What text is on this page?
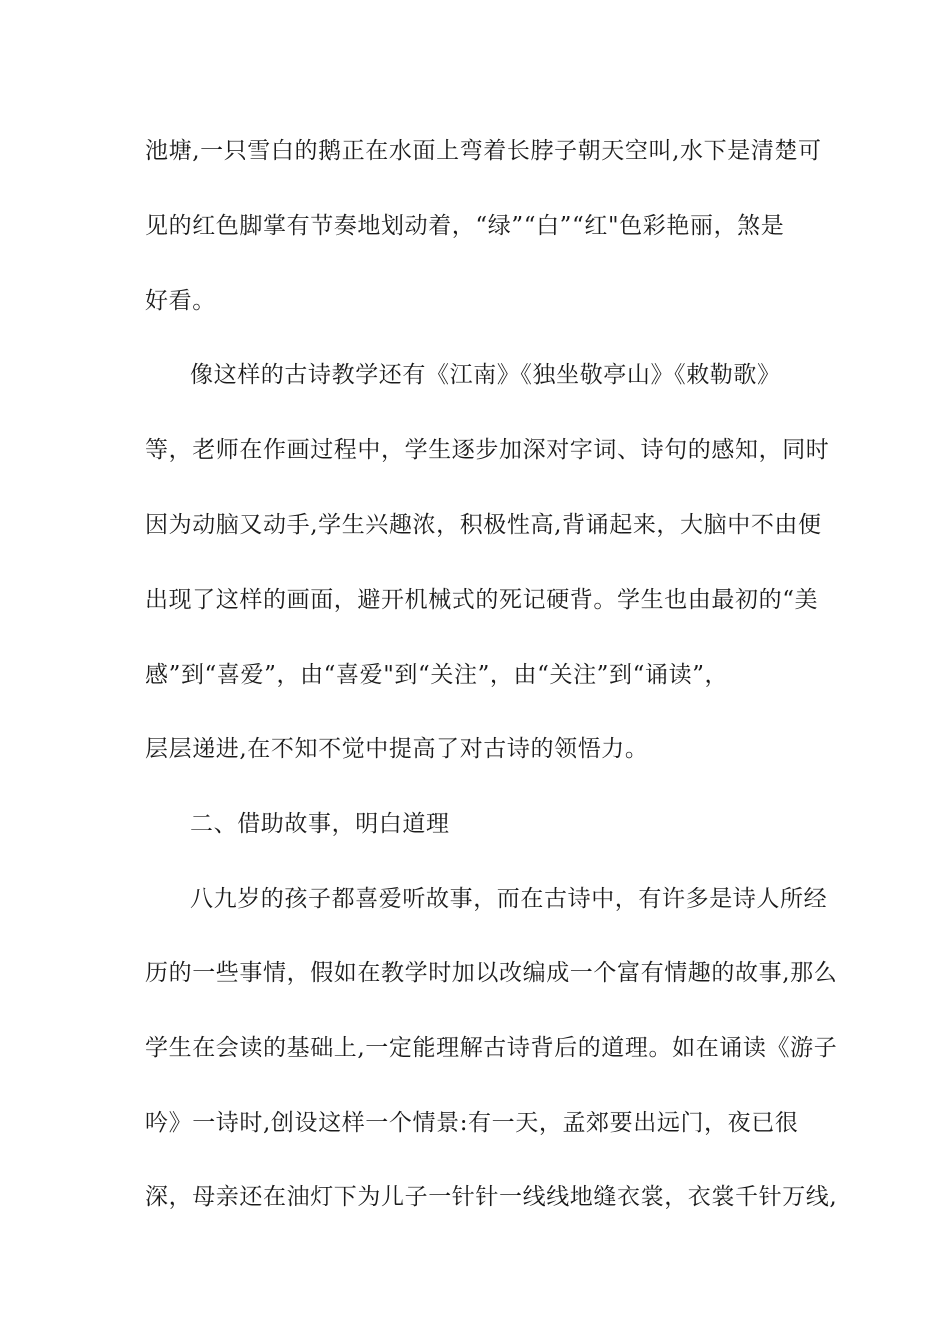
池塘,一只雪白的鹅正在水面上弯着长脖子朝天空叫,水下是清楚可
见的红色脚掌有节奏地划动着，“绿”“白”“红"色彩艳丽，煞是
好看。
像这样的古诗教学还有《江南》《独坐敬亭山》《敕勒歌》
等，老师在作画过程中，学生逐步加深对字词、诗句的感知，同时
因为动脑又动手,学生兴趣浓，积极性高,背诵起来，大脑中不由便
出现了这样的画面，避开机械式的死记硬背。学生也由最初的“美
感”到“喜爱”，由“喜爱"到“关注”，由“关注”到“诵读”，
层层递进,在不知不觉中提高了对古诗的领悟力。
二、借助故事，明白道理
八九岁的孩子都喜爱听故事，而在古诗中，有许多是诗人所经
历的一些事情，假如在教学时加以改编成一个富有情趣的故事,那么
学生在会读的基础上,一定能理解古诗背后的道理。如在诵读《游子
吟》一诗时,创设这样一个情景:有一天，孟郊要出远门，夜已很
深，母亲还在油灯下为儿子一针针一线线地缝衣裳，衣裳千针万线,
